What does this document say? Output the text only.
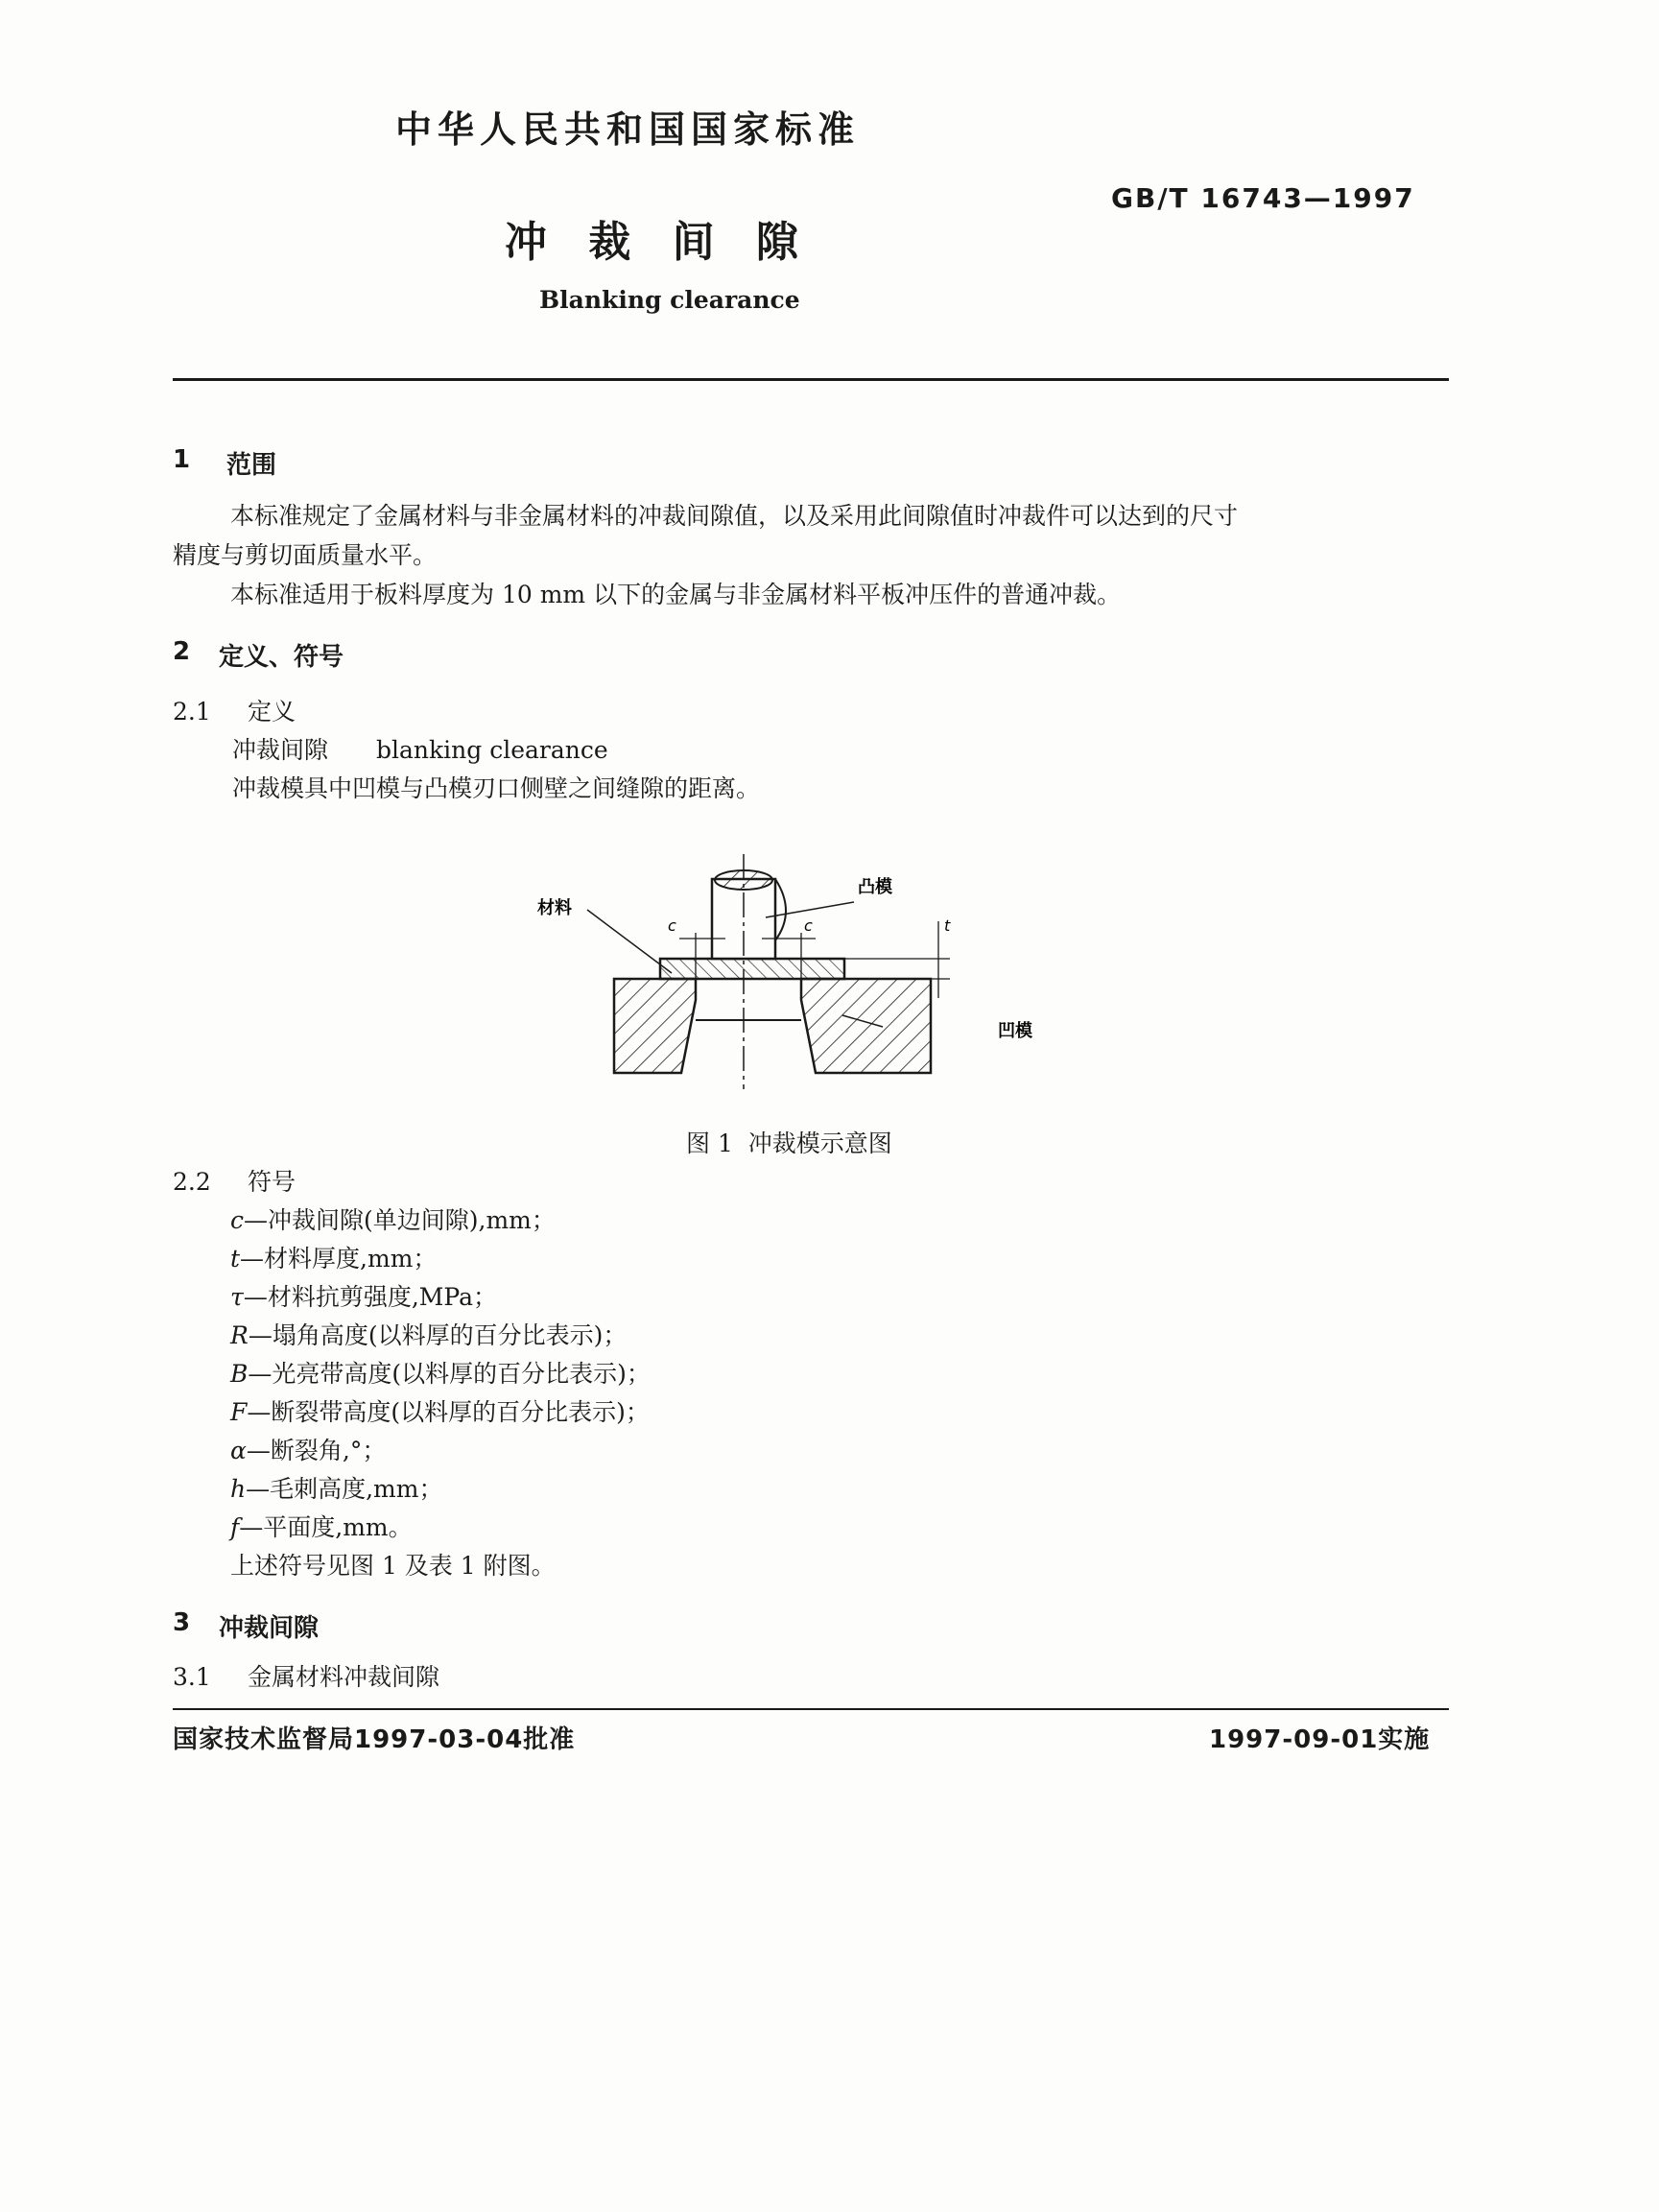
中华人民共和国国家标准
GB/T 16743—1997
冲 裁 间 隙
Blanking clearance
1 范围
本标准规定了金属材料与非金属材料的冲裁间隙值，以及采用此间隙值时冲裁件可以达到的尺寸
精度与剪切面质量水平。
本标准适用于板料厚度为 10 mm 以下的金属与非金属材料平板冲压件的普通冲裁。
2 定义、符号
2.1 定义
冲裁间隙 blanking clearance
冲裁模具中凹模与凸模刃口侧壁之间缝隙的距离。
c	c	t
材料
凸模
凹模
图 1  冲裁模示意图
2.2 符号
c—冲裁间隙(单边间隙),mm；
t—材料厚度,mm；
τ—材料抗剪强度,MPa；
R—塌角高度(以料厚的百分比表示)；
B—光亮带高度(以料厚的百分比表示)；
F—断裂带高度(以料厚的百分比表示)；
α—断裂角,°；
h—毛刺高度,mm；
f—平面度,mm。
上述符号见图 1 及表 1 附图。
3 冲裁间隙
3.1 金属材料冲裁间隙
国家技术监督局1997-03-04批准	1997-09-01实施
